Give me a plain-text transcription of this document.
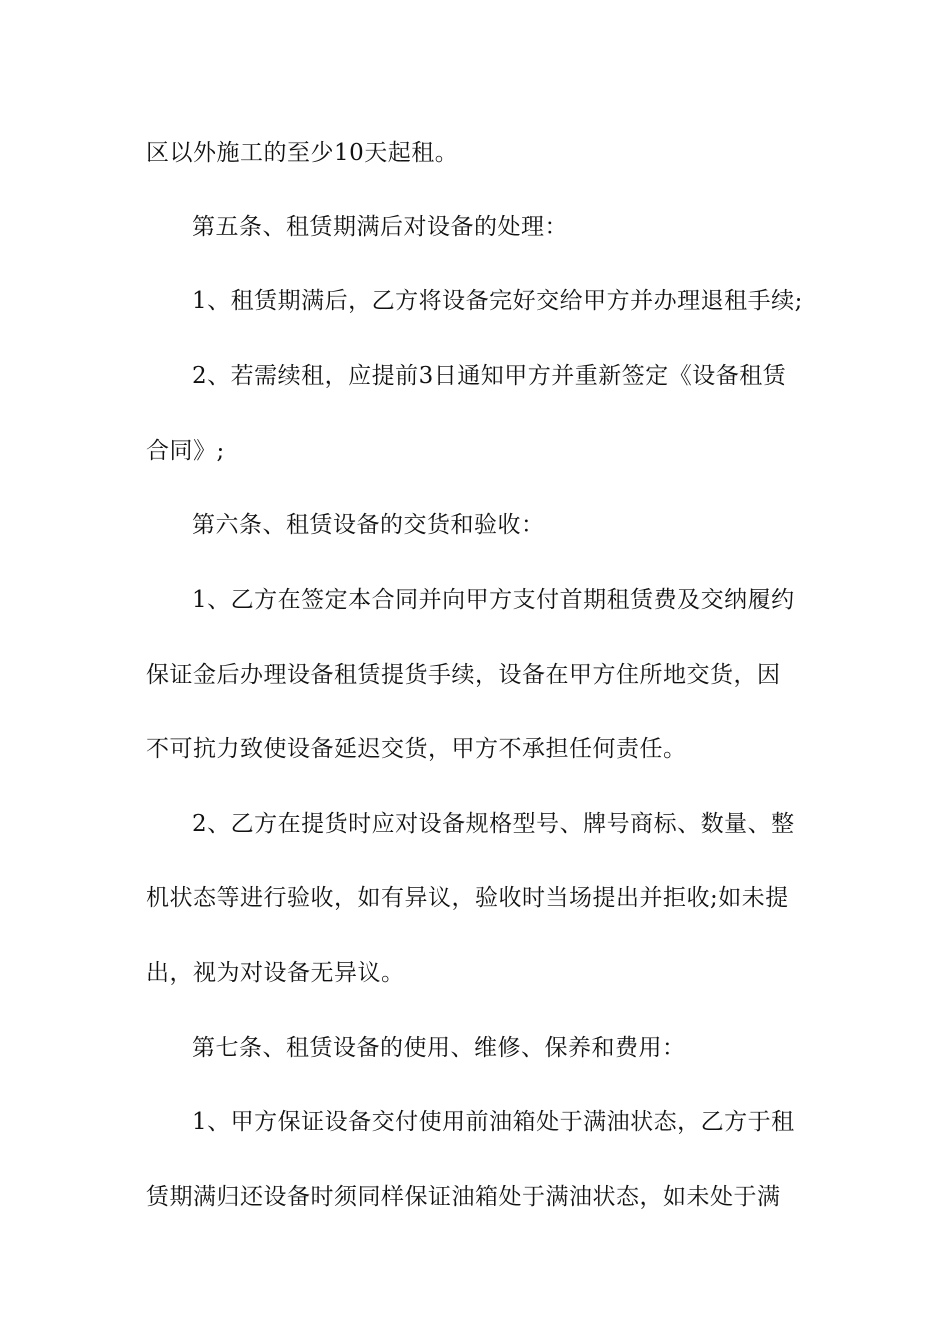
区以外施工的至少10天起租。
第五条、租赁期满后对设备的处理：
1、租赁期满后，乙方将设备完好交给甲方并办理退租手续;
2、若需续租，应提前3日通知甲方并重新签定《设备租赁
合同》;
第六条、租赁设备的交货和验收：
1、乙方在签定本合同并向甲方支付首期租赁费及交纳履约
保证金后办理设备租赁提货手续，设备在甲方住所地交货，因
不可抗力致使设备延迟交货，甲方不承担任何责任。
2、乙方在提货时应对设备规格型号、牌号商标、数量、整
机状态等进行验收，如有异议，验收时当场提出并拒收;如未提
出，视为对设备无异议。
第七条、租赁设备的使用、维修、保养和费用：
1、甲方保证设备交付使用前油箱处于满油状态，乙方于租
赁期满归还设备时须同样保证油箱处于满油状态，如未处于满
